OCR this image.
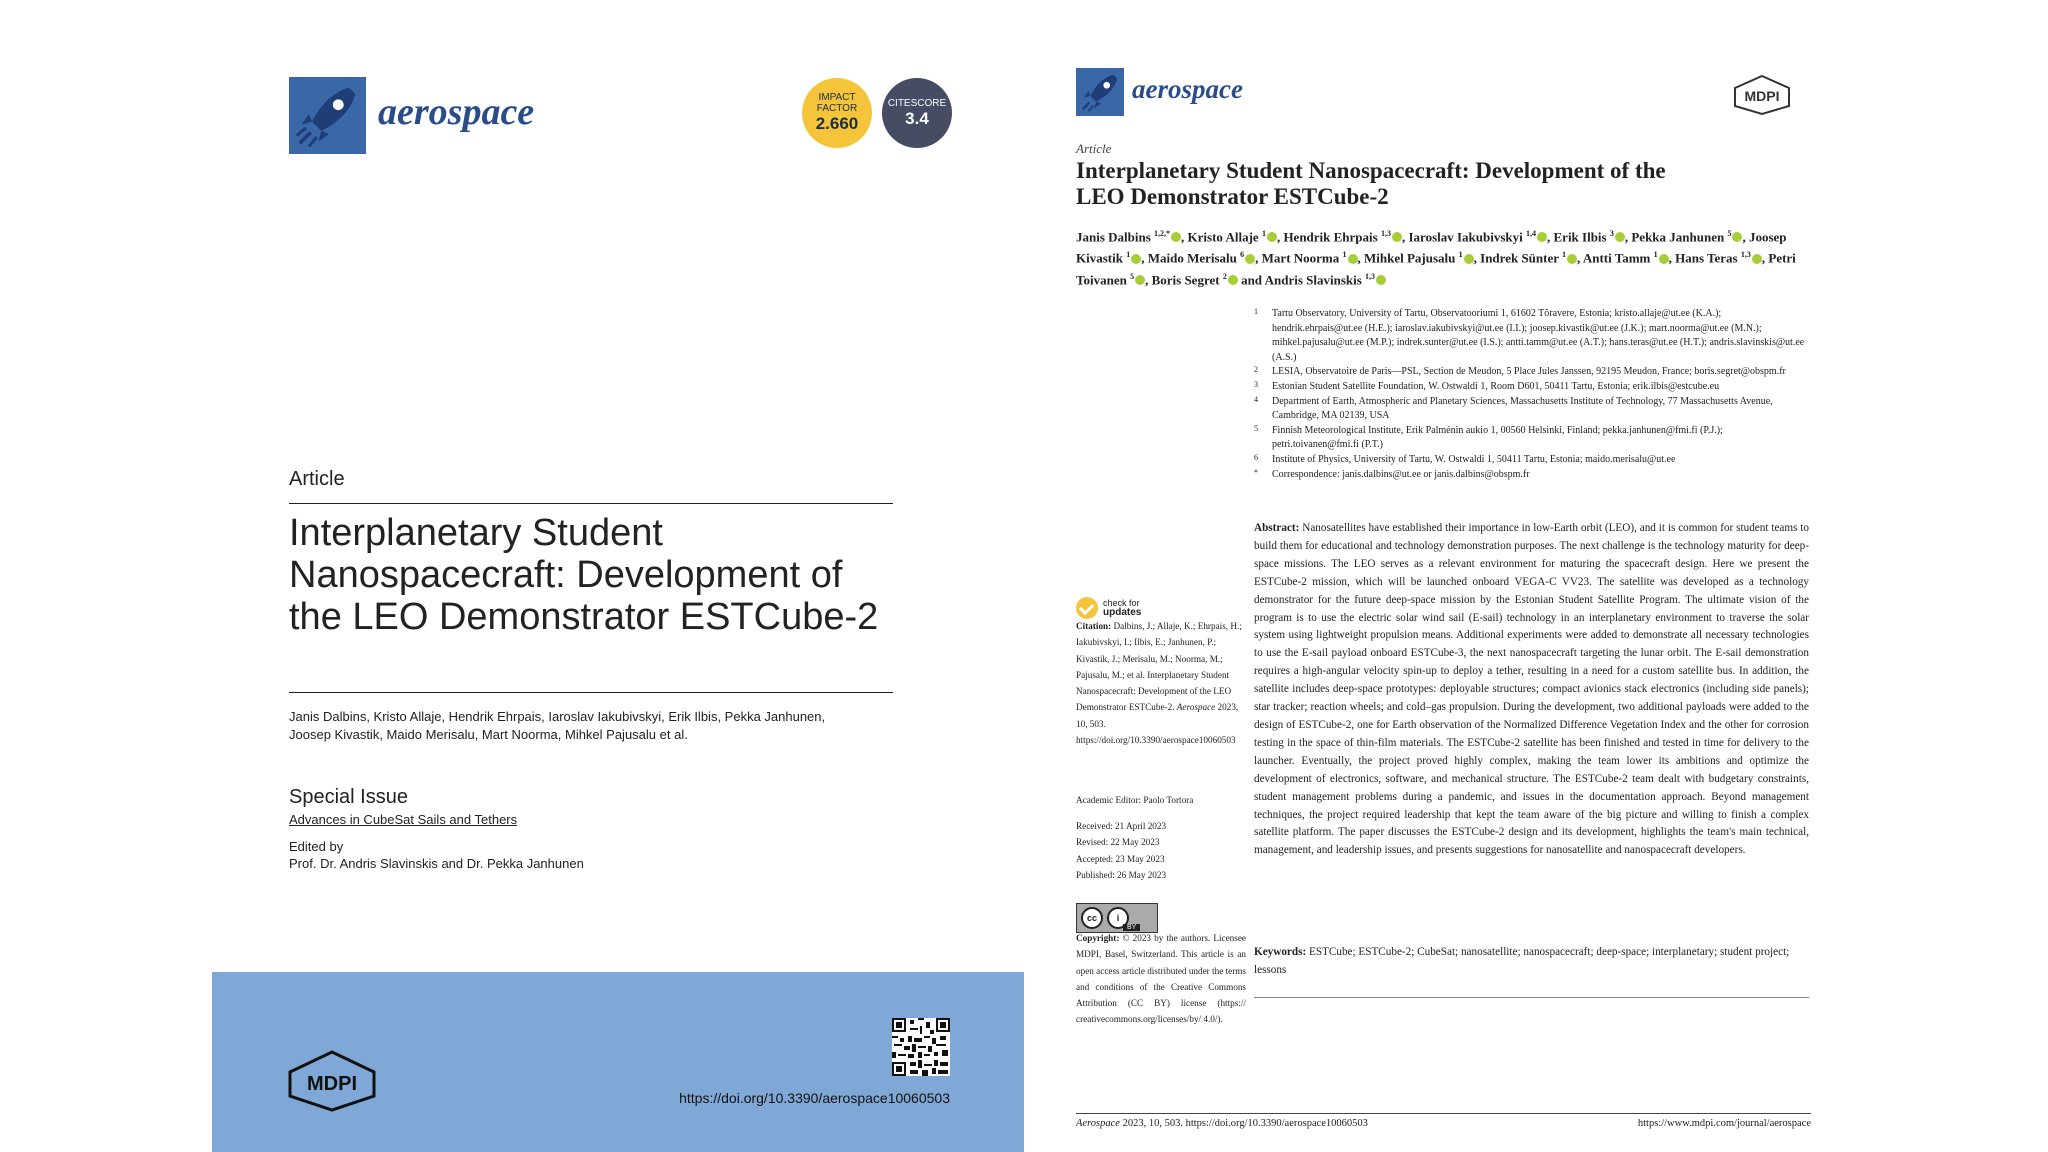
aerospace	IMPACT
FACTOR
2.660
CITESCORE
3.4
Article
Interplanetary Student Nanospacecraft: Development of the LEO Demonstrator ESTCube-2
Janis Dalbins, Kristo Allaje, Hendrik Ehrpais, Iaroslav Iakubivskyi, Erik Ilbis, Pekka Janhunen,
Joosep Kivastik, Maido Merisalu, Mart Noorma, Mihkel Pajusalu et al.
Special Issue
Advances in CubeSat Sails and Tethers
Edited by
Prof. Dr. Andris Slavinskis and Dr. Pekka Janhunen
MDPI
https://doi.org/10.3390/aerospace10060503
aerospace	MDPI
Article
Interplanetary Student Nanospacecraft: Development of the
LEO Demonstrator ESTCube-2
Janis Dalbins $^{1,2,*}$ , Kristo Allaje $^1$ , Hendrik Ehrpais $^{1,3}$ , Iaroslav Iakubivskyi $^{1,4}$ , Erik Ilbis $^3$ , Pekka Janhunen $^5$ , Joosep Kivastik $^1$ , Maido Merisalu $^6$ , Mart Noorma $^1$ , Mihkel Pajusalu $^1$ , Indrek Sünter $^1$ , Antti Tamm $^1$ , Hans Teras $^{1,3}$ , Petri Toivanen $^5$ , Boris Segret $^2$ and Andris Slavinskis $^{1,3}$
1 Tartu Observatory, University of Tartu, Observatooriumi 1, 61602 Tõravere, Estonia; kristo.allaje@ut.ee (K.A.); hendrik.ehrpais@ut.ee (H.E.); iaroslav.iakubivskyi@ut.ee (I.I.); joosep.kivastik@ut.ee (J.K.); mart.noorma@ut.ee (M.N.); mihkel.pajusalu@ut.ee (M.P.); indrek.sunter@ut.ee (I.S.); antti.tamm@ut.ee (A.T.); hans.teras@ut.ee (H.T.); andris.slavinskis@ut.ee (A.S.)
2 LESIA, Observatoire de Paris—PSL, Section de Meudon, 5 Place Jules Janssen, 92195 Meudon, France; boris.segret@obspm.fr
3 Estonian Student Satellite Foundation, W. Ostwaldi 1, Room D601, 50411 Tartu, Estonia; erik.ilbis@estcube.eu
4 Department of Earth, Atmospheric and Planetary Sciences, Massachusetts Institute of Technology, 77 Massachusetts Avenue, Cambridge, MA 02139, USA
5 Finnish Meteorological Institute, Erik Palménin aukio 1, 00560 Helsinki, Finland; pekka.janhunen@fmi.fi (P.J.); petri.toivanen@fmi.fi (P.T.)
6 Institute of Physics, University of Tartu, W. Ostwaldi 1, 50411 Tartu, Estonia; maido.merisalu@ut.ee
* Correspondence: janis.dalbins@ut.ee or janis.dalbins@obspm.fr
check for
updates
Citation: Dalbins, J.; Allaje, K.; Ehrpais, H.; Iakubivskyi, I.; Ilbis, E.; Janhunen, P.; Kivastik, J.; Merisalu, M.; Noorma, M.; Pajusalu, M.; et al. Interplanetary Student Nanospacecraft: Development of the LEO Demonstrator ESTCube-2. Aerospace 2023, 10, 503. https://doi.org/10.3390/aerospace10060503
Academic Editor: Paolo Tortora
Received: 21 April 2023
Revised: 22 May 2023
Accepted: 23 May 2023
Published: 26 May 2023
cc	i
BY
Copyright: © 2023 by the authors. Licensee MDPI, Basel, Switzerland. This article is an open access article distributed under the terms and conditions of the Creative Commons Attribution (CC BY) license (https:// creativecommons.org/licenses/by/ 4.0/).
Abstract: Nanosatellites have established their importance in low-Earth orbit (LEO), and it is common for student teams to build them for educational and technology demonstration purposes. The next challenge is the technology maturity for deep-space missions. The LEO serves as a relevant environment for maturing the spacecraft design. Here we present the ESTCube-2 mission, which will be launched onboard VEGA-C VV23. The satellite was developed as a technology demonstrator for the future deep-space mission by the Estonian Student Satellite Program. The ultimate vision of the program is to use the electric solar wind sail (E-sail) technology in an interplanetary environment to traverse the solar system using lightweight propulsion means. Additional experiments were added to demonstrate all necessary technologies to use the E-sail payload onboard ESTCube-3, the next nanospacecraft targeting the lunar orbit. The E-sail demonstration requires a high-angular velocity spin-up to deploy a tether, resulting in a need for a custom satellite bus. In addition, the satellite includes deep-space prototypes: deployable structures; compact avionics stack electronics (including side panels); star tracker; reaction wheels; and cold–gas propulsion. During the development, two additional payloads were added to the design of ESTCube-2, one for Earth observation of the Normalized Difference Vegetation Index and the other for corrosion testing in the space of thin-film materials. The ESTCube-2 satellite has been finished and tested in time for delivery to the launcher. Eventually, the project proved highly complex, making the team lower its ambitions and optimize the development of electronics, software, and mechanical structure. The ESTCube-2 team dealt with budgetary constraints, student management problems during a pandemic, and issues in the documentation approach. Beyond management techniques, the project required leadership that kept the team aware of the big picture and willing to finish a complex satellite platform. The paper discusses the ESTCube-2 design and its development, highlights the team's main technical, management, and leadership issues, and presents suggestions for nanosatellite and nanospacecraft developers.
Keywords: ESTCube; ESTCube-2; CubeSat; nanosatellite; nanospacecraft; deep-space; interplanetary; student project; lessons
Aerospace 2023, 10, 503. https://doi.org/10.3390/aerospace10060503	https://www.mdpi.com/journal/aerospace
